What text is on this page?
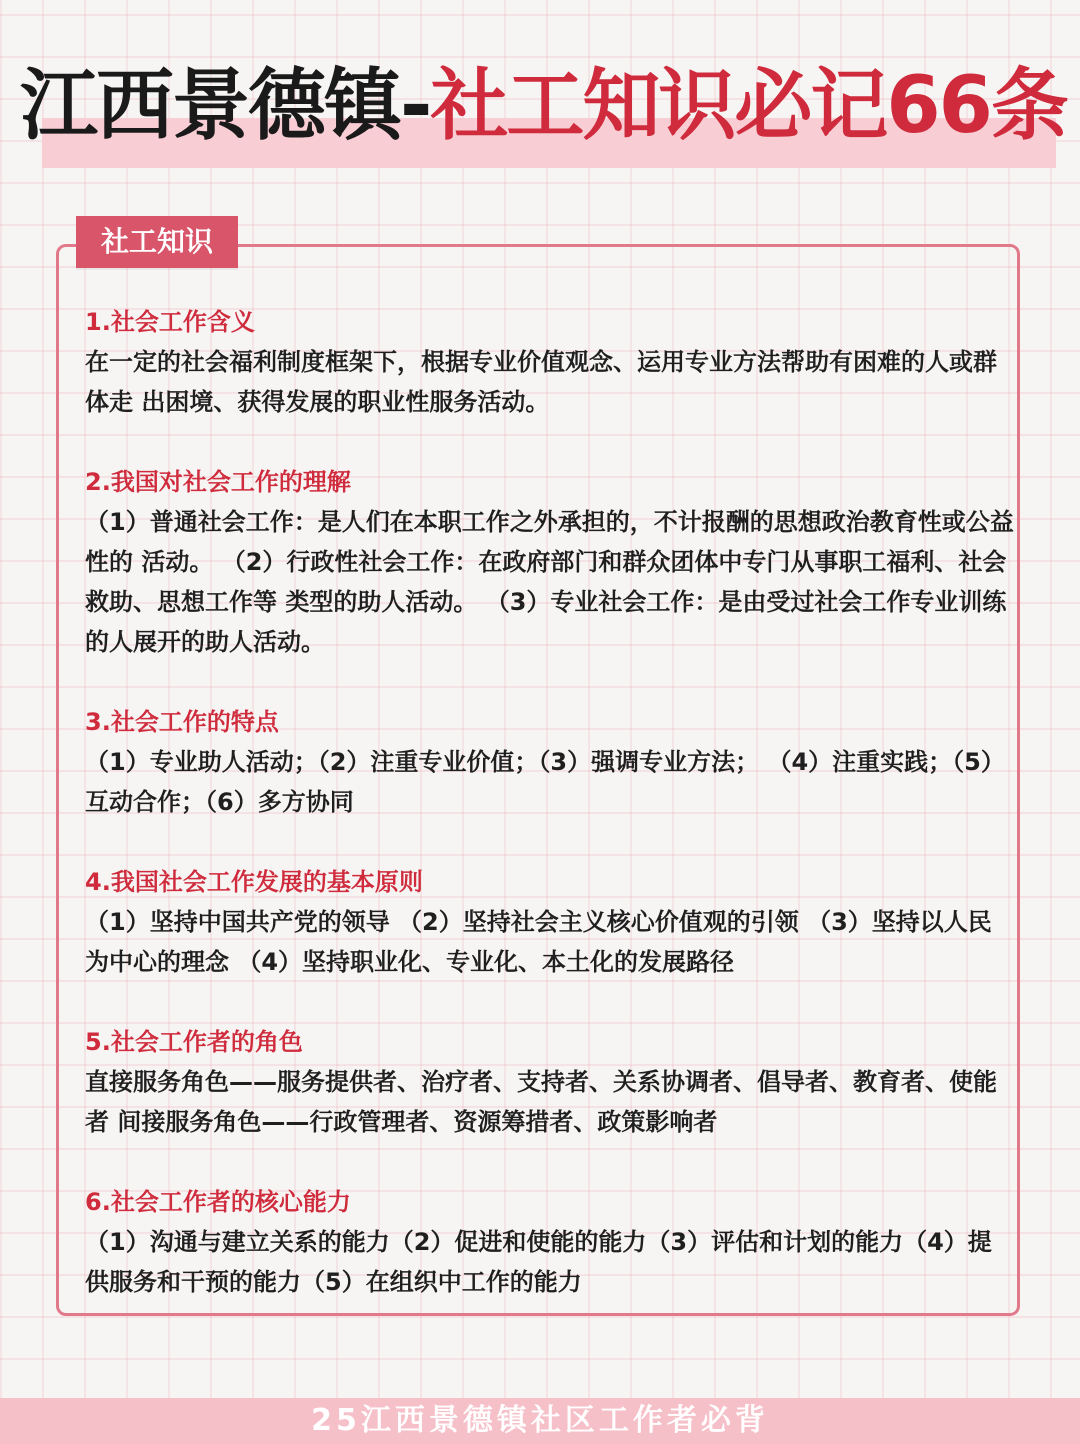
江西景德镇-社工知识必记66条
社工知识
1.社会工作含义

在一定的社会福利制度框架下，根据专业价值观念、运用专业方法帮助有困难的人或群体走 出困境、获得发展的职业性服务活动。

2.我国对社会工作的理解

（1）普通社会工作：是人们在本职工作之外承担的，不计报酬的思想政治教育性或公益性的 活动。 （2）行政性社会工作：在政府部门和群众团体中专门从事职工福利、社会救助、思想工作等 类型的助人活动。 （3）专业社会工作：是由受过社会工作专业训练的人展开的助人活动。

3.社会工作的特点

（1）专业助人活动；（2）注重专业价值；（3）强调专业方法； （4）注重实践；（5）互动合作；（6）多方协同

4.我国社会工作发展的基本原则

（1）坚持中国共产党的领导 （2）坚持社会主义核心价值观的引领 （3）坚持以人民为中心的理念 （4）坚持职业化、专业化、本土化的发展路径

5.社会工作者的角色

直接服务角色——服务提供者、治疗者、支持者、关系协调者、倡导者、教育者、使能者 间接服务角色——行政管理者、资源筹措者、政策影响者

6.社会工作者的核心能力

（1）沟通与建立关系的能力（2）促进和使能的能力（3）评估和计划的能力（4）提供服务和干预的能力（5）在组织中工作的能力

25江西景德镇社区工作者必背
